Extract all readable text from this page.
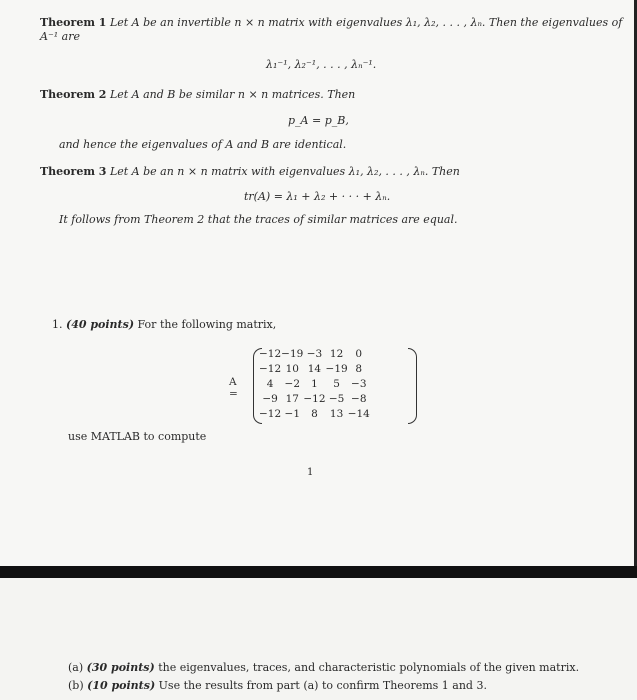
Theorem 1 Let A be an invertible n × n matrix with eigenvalues λ₁, λ₂, . . . , λₙ. Then the eigenvalues of
A⁻¹ are
λ₁⁻¹, λ₂⁻¹, . . . , λₙ⁻¹.
Theorem 2 Let A and B be similar n × n matrices. Then
p_A = p_B,
and hence the eigenvalues of A and B are identical.
Theorem 3 Let A be an n × n matrix with eigenvalues λ₁, λ₂, . . . , λₙ. Then
tr(A) = λ₁ + λ₂ + · · · + λₙ.
It follows from Theorem 2 that the traces of similar matrices are equal.
1. (40 points) For the following matrix,
A =
−12	−19	−3	12	0
−12	10	14	−19	8
4	−2	1	5	−3
−9	17	−12	−5	−8
−12	−1	8	13	−14
use MATLAB to compute
1
(a) (30 points) the eigenvalues, traces, and characteristic polynomials of the given matrix.
(b) (10 points) Use the results from part (a) to confirm Theorems 1 and 3.
